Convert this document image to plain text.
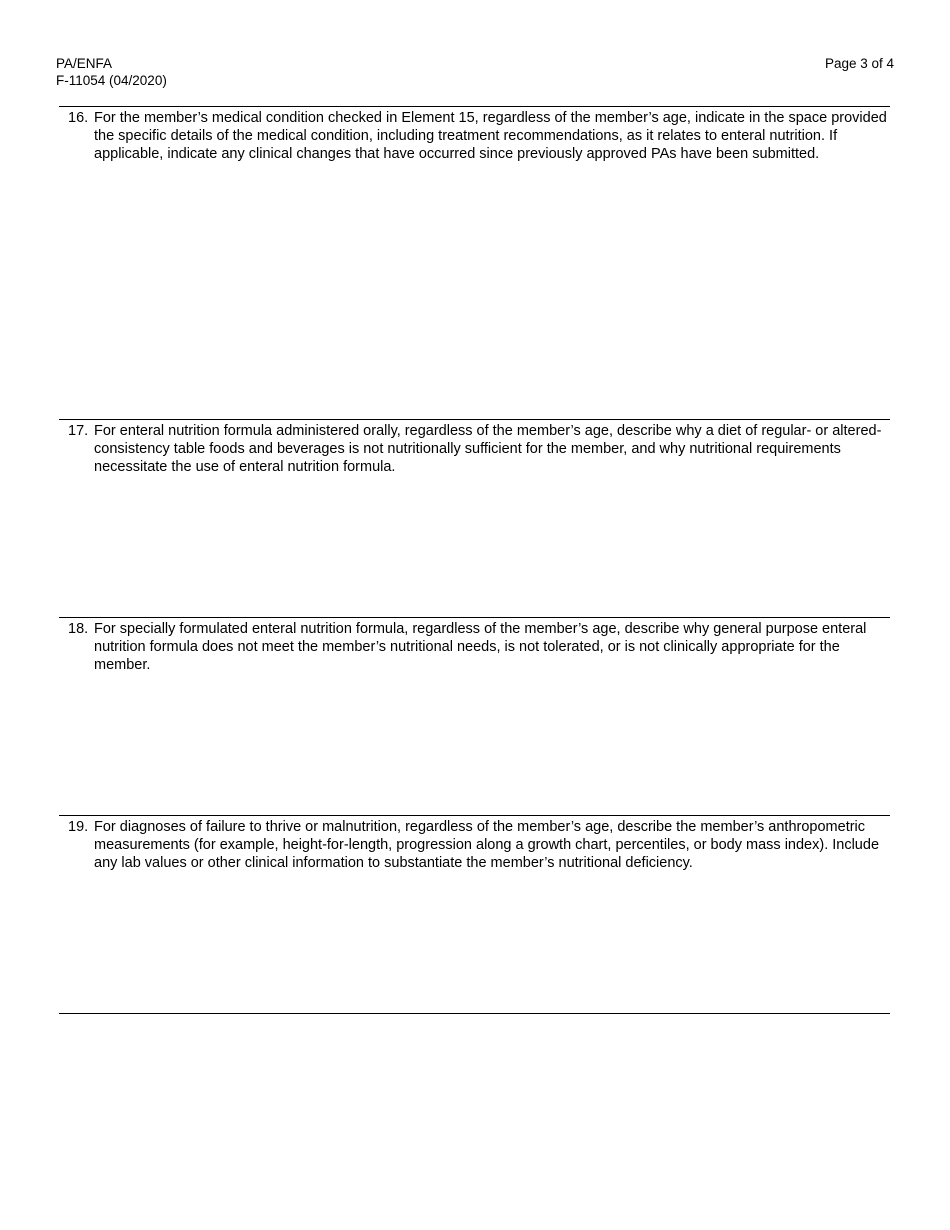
PA/ENFA
F-11054 (04/2020)
Page 3 of 4
16. For the member’s medical condition checked in Element 15, regardless of the member’s age, indicate in the space provided the specific details of the medical condition, including treatment recommendations, as it relates to enteral nutrition. If applicable, indicate any clinical changes that have occurred since previously approved PAs have been submitted.
17. For enteral nutrition formula administered orally, regardless of the member’s age, describe why a diet of regular- or altered-consistency table foods and beverages is not nutritionally sufficient for the member, and why nutritional requirements necessitate the use of enteral nutrition formula.
18. For specially formulated enteral nutrition formula, regardless of the member’s age, describe why general purpose enteral nutrition formula does not meet the member’s nutritional needs, is not tolerated, or is not clinically appropriate for the member.
19. For diagnoses of failure to thrive or malnutrition, regardless of the member’s age, describe the member’s anthropometric measurements (for example, height-for-length, progression along a growth chart, percentiles, or body mass index). Include any lab values or other clinical information to substantiate the member’s nutritional deficiency.
